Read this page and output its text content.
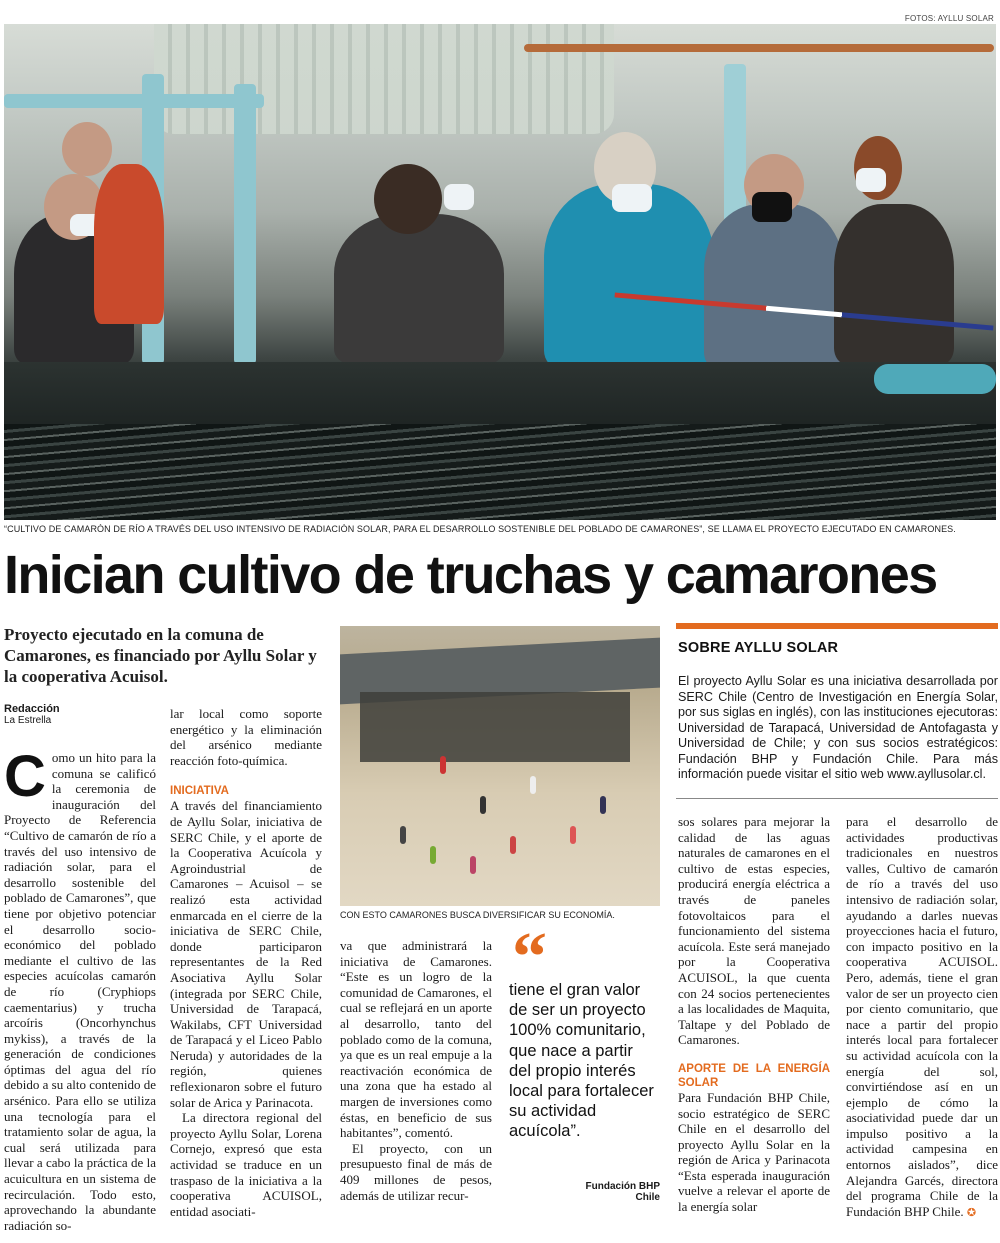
FOTOS: AYLLU SOLAR
“CULTIVO DE CAMARÓN DE RÍO A TRAVÉS DEL USO INTENSIVO DE RADIACIÓN SOLAR, PARA EL DESARROLLO SOSTENIBLE DEL POBLADO DE CAMARONES”, SE LLAMA EL PROYECTO EJECUTADO EN CAMARONES.
Inician cultivo de truchas y camarones
Proyecto ejecutado en la comuna de Camarones, es financiado por Ayllu Solar y la cooperativa Acuisol.
Redacción
La Estrella

Como un hito para la comuna se calificó la ceremonia de inauguración del Proyecto de Referencia “Cultivo de camarón de río a través del uso intensivo de radiación solar, para el desarrollo sostenible del poblado de Camarones”, que tiene por objetivo potenciar el desarrollo socio-económico del poblado mediante el cultivo de las especies acuícolas camarón de río (Cryphiops caementarius) y trucha arcoíris (Oncorhynchus mykiss), a través de la generación de condiciones óptimas del agua del río debido a su alto contenido de arsénico. Para ello se utiliza una tecnología para el tratamiento solar de agua, la cual será utilizada para llevar a cabo la práctica de la acuicultura en un sistema de recirculación. Todo esto, aprovechando la abundante radiación so-

lar local como soporte energético y la eliminación del arsénico mediante reacción foto-química.

INICIATIVA

A través del financiamiento de Ayllu Solar, iniciativa de SERC Chile, y el aporte de la Cooperativa Acuícola y Agroindustrial de Camarones – Acuisol – se realizó esta actividad enmarcada en el cierre de la iniciativa de SERC Chile, donde participaron representantes de la Red Asociativa Ayllu Solar (integrada por SERC Chile, Universidad de Tarapacá, Wakilabs, CFT Universidad de Tarapacá y el Liceo Pablo Neruda) y autoridades de la región, quienes reflexionaron sobre el futuro solar de Arica y Parinacota.

La directora regional del proyecto Ayllu Solar, Lorena Cornejo, expresó que esta actividad se traduce en un traspaso de la iniciativa a la cooperativa ACUISOL, entidad asociati-

CON ESTO CAMARONES BUSCA DIVERSIFICAR SU ECONOMÍA.

va que administrará la iniciativa de Camarones. “Este es un logro de la comunidad de Camarones, el cual se reflejará en un aporte al desarrollo, tanto del poblado como de la comuna, ya que es un real empuje a la reactivación económica de una zona que ha estado al margen de inversiones como éstas, en beneficio de sus habitantes”, comentó.

El proyecto, con un presupuesto final de más de 409 millones de pesos, además de utilizar recur-

“
tiene el gran valor de ser un proyecto 100% comunitario, que nace a partir del propio interés local para fortalecer su actividad acuícola”.
Fundación BHP Chile
SOBRE AYLLU SOLAR
El proyecto Ayllu Solar es una iniciativa desarrollada por SERC Chile (Centro de Investigación en Energía Solar, por sus siglas en inglés), con las instituciones ejecutoras: Universidad de Tarapacá, Universidad de Antofagasta y Universidad de Chile; y con sus socios estratégicos: Fundación BHP y Fundación Chile. Para más información puede visitar el sitio web www.ayllusolar.cl.

sos solares para mejorar la calidad de las aguas naturales de camarones en el cultivo de estas especies, producirá energía eléctrica a través de paneles fotovoltaicos para el funcionamiento del sistema acuícola. Este será manejado por la Cooperativa ACUISOL, la que cuenta con 24 socios pertenecientes a las localidades de Maquita, Taltape y del Poblado de Camarones.

APORTE DE LA ENERGÍA SOLAR

Para Fundación BHP Chile, socio estratégico de SERC Chile en el desarrollo del proyecto Ayllu Solar en la región de Arica y Parinacota “Esta esperada inauguración vuelve a relevar el aporte de la energía solar

para el desarrollo de actividades productivas tradicionales en nuestros valles, Cultivo de camarón de río a través del uso intensivo de radiación solar, ayudando a darles nuevas proyecciones hacia el futuro, con impacto positivo en la cooperativa ACUISOL. Pero, además, tiene el gran valor de ser un proyecto cien por ciento comunitario, que nace a partir del propio interés local para fortalecer su actividad acuícola con la energía del sol, convirtiéndose así en un ejemplo de cómo la asociatividad puede dar un impulso positivo a la actividad campesina en entornos aislados”, dice Alejandra Garcés, directora del programa Chile de la Fundación BHP Chile. ✪
